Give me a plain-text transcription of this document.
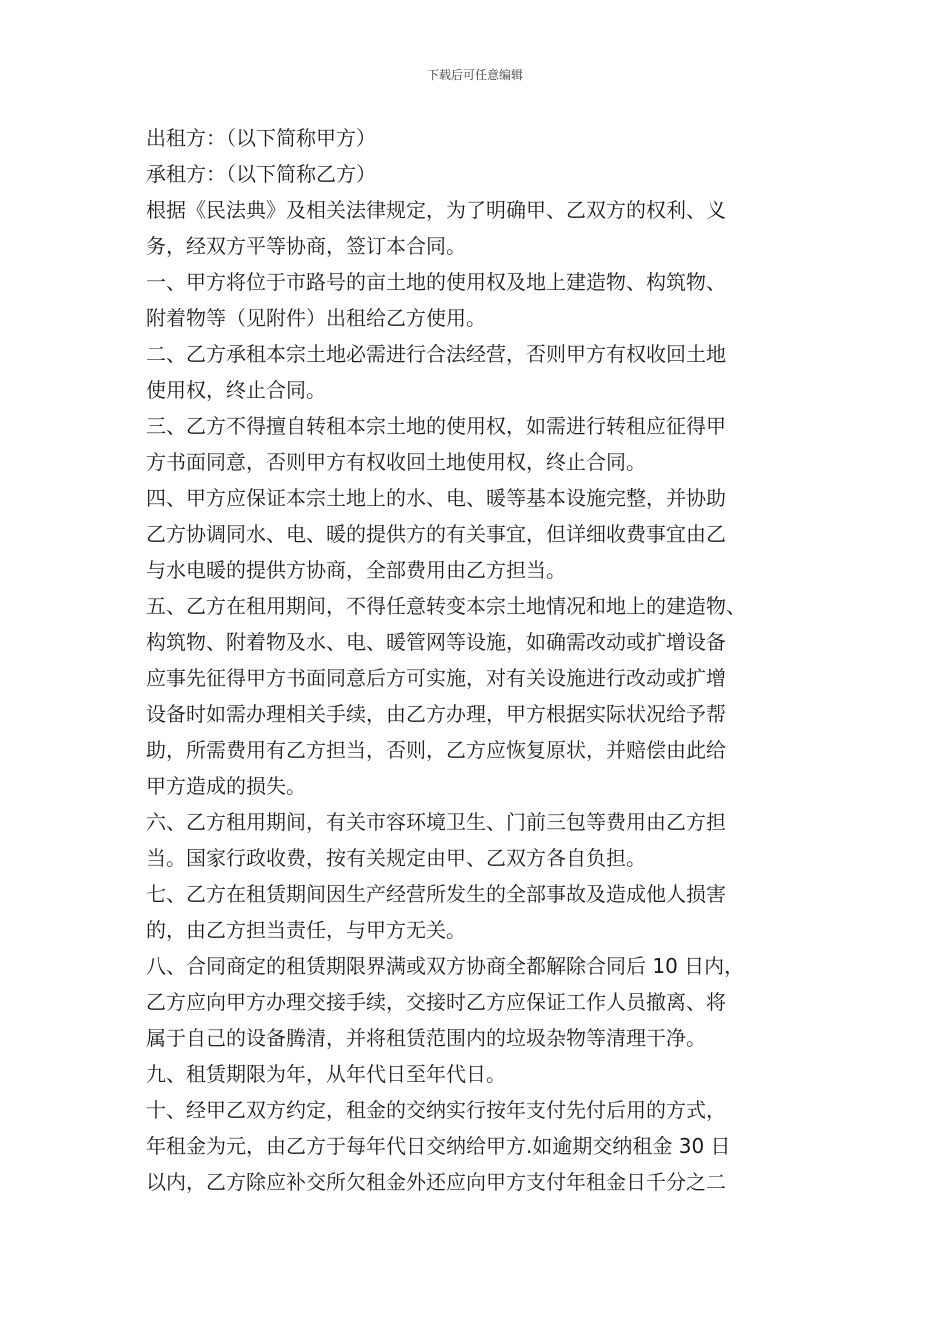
下载后可任意编辑

出租方：（以下简称甲方）

承租方：（以下简称乙方）

根据《民法典》及相关法律规定，为了明确甲、乙双方的权利、义

务，经双方平等协商，签订本合同。

一、甲方将位于市路号的亩土地的使用权及地上建造物、构筑物、

附着物等（见附件）出租给乙方使用。

二、乙方承租本宗土地必需进行合法经营，否则甲方有权收回土地

使用权，终止合同。

三、乙方不得擅自转租本宗土地的使用权，如需进行转租应征得甲

方书面同意，否则甲方有权收回土地使用权，终止合同。

四、甲方应保证本宗土地上的水、电、暖等基本设施完整，并协助

乙方协调同水、电、暖的提供方的有关事宜，但详细收费事宜由乙

与水电暖的提供方协商，全部费用由乙方担当。

五、乙方在租用期间，不得任意转变本宗土地情况和地上的建造物、

构筑物、附着物及水、电、暖管网等设施，如确需改动或扩增设备

应事先征得甲方书面同意后方可实施，对有关设施进行改动或扩增

设备时如需办理相关手续，由乙方办理，甲方根据实际状况给予帮

助，所需费用有乙方担当，否则，乙方应恢复原状，并赔偿由此给

甲方造成的损失。

六、乙方租用期间，有关市容环境卫生、门前三包等费用由乙方担

当。国家行政收费，按有关规定由甲、乙双方各自负担。

七、乙方在租赁期间因生产经营所发生的全部事故及造成他人损害

的，由乙方担当责任，与甲方无关。

八、合同商定的租赁期限界满或双方协商全都解除合同后 10 日内，

乙方应向甲方办理交接手续，交接时乙方应保证工作人员撤离、将

属于自己的设备腾清，并将租赁范围内的垃圾杂物等清理干净。

九、租赁期限为年，从年代日至年代日。

十、经甲乙双方约定，租金的交纳实行按年支付先付后用的方式，

年租金为元，由乙方于每年代日交纳给甲方.如逾期交纳租金 30 日

以内，乙方除应补交所欠租金外还应向甲方支付年租金日千分之二
